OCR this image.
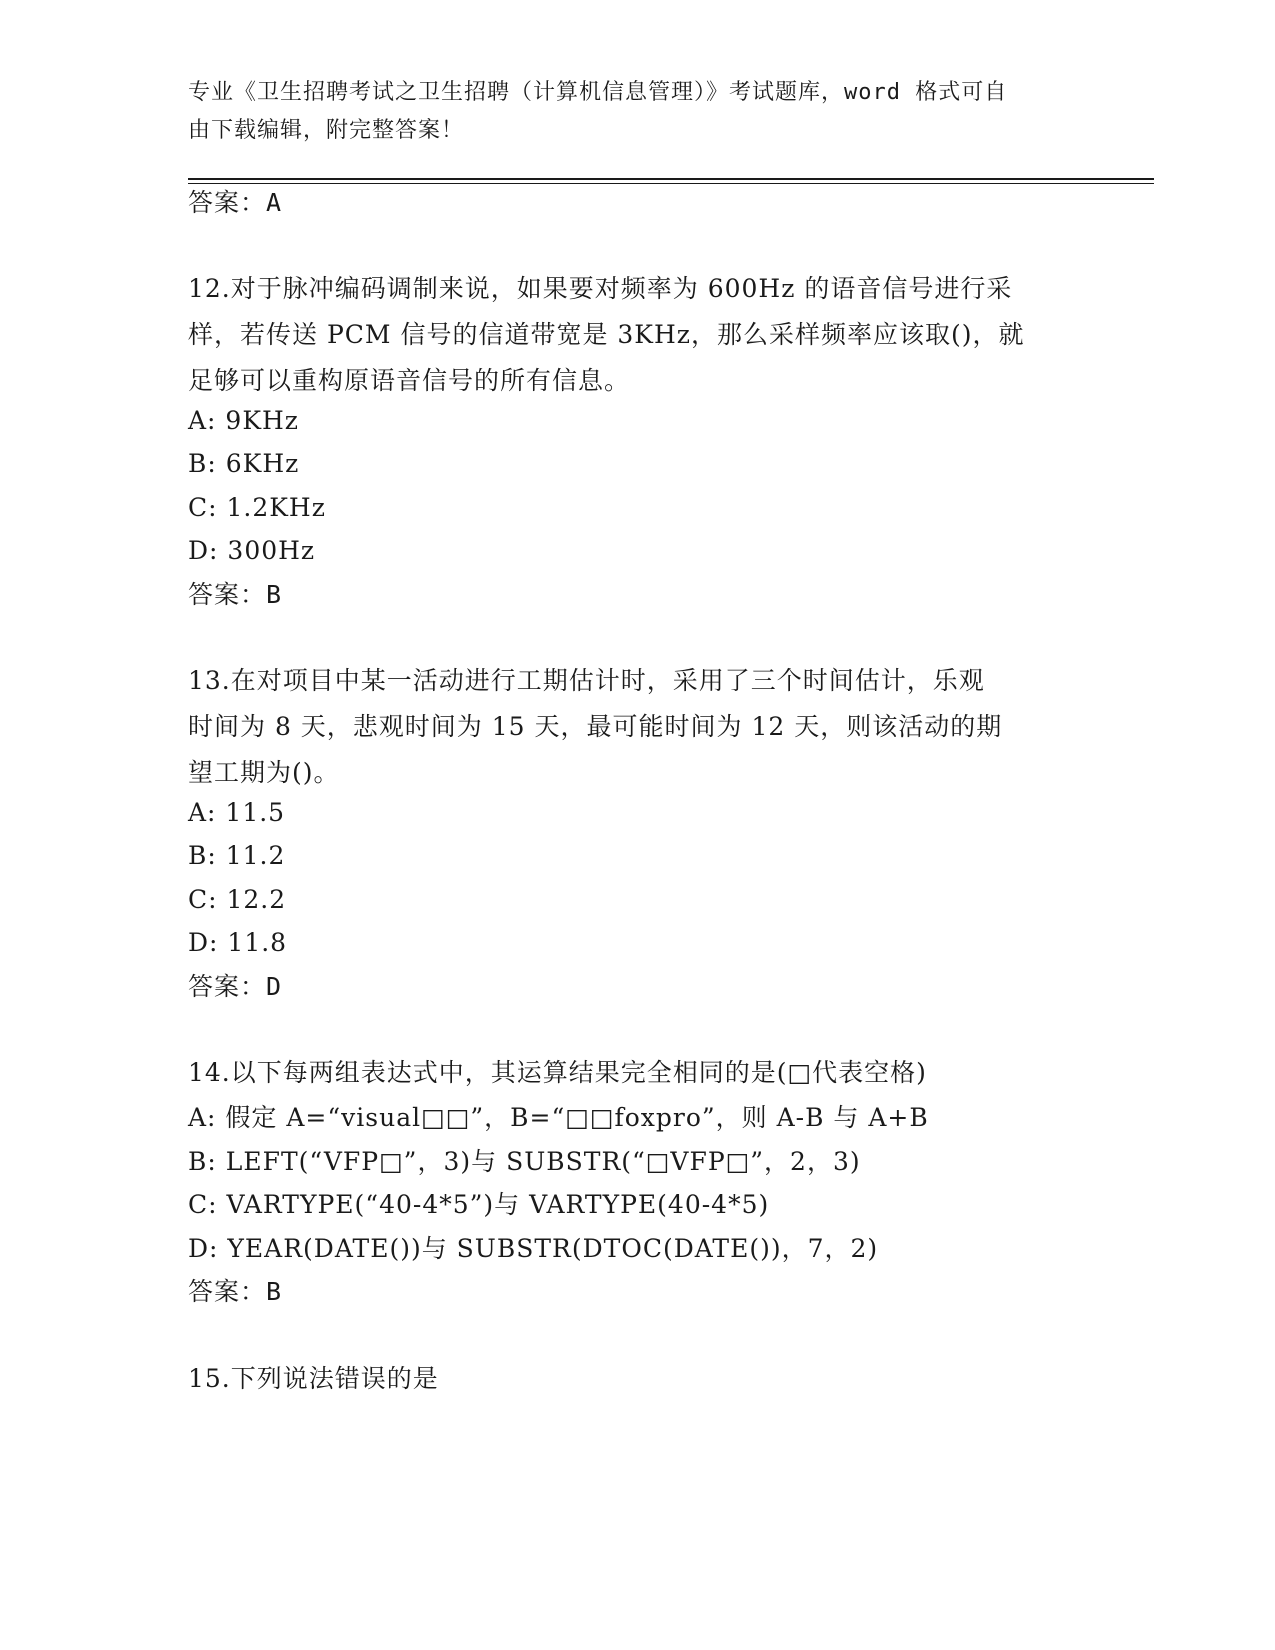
专业《卫生招聘考试之卫生招聘（计算机信息管理）》考试题库，word 格式可自
由下载编辑，附完整答案！
答案：A
12.对于脉冲编码调制来说，如果要对频率为 600Hz 的语音信号进行采
样，若传送 PCM 信号的信道带宽是 3KHz，那么采样频率应该取()，就
足够可以重构原语音信号的所有信息。
A: 9KHz
B: 6KHz
C: 1.2KHz
D: 300Hz
答案：B
13.在对项目中某一活动进行工期估计时，采用了三个时间估计，乐观
时间为 8 天，悲观时间为 15 天，最可能时间为 12 天，则该活动的期
望工期为()。
A: 11.5
B: 11.2
C: 12.2
D: 11.8
答案：D
14.以下每两组表达式中，其运算结果完全相同的是(□代表空格)
A: 假定 A=“visual□□”，B=“□□foxpro”，则 A-B 与 A+B
B: LEFT(“VFP□”，3)与 SUBSTR(“□VFP□”，2，3)
C: VARTYPE(“40-4*5”)与 VARTYPE(40-4*5)
D: YEAR(DATE())与 SUBSTR(DTOC(DATE())，7，2)
答案：B
15.下列说法错误的是
